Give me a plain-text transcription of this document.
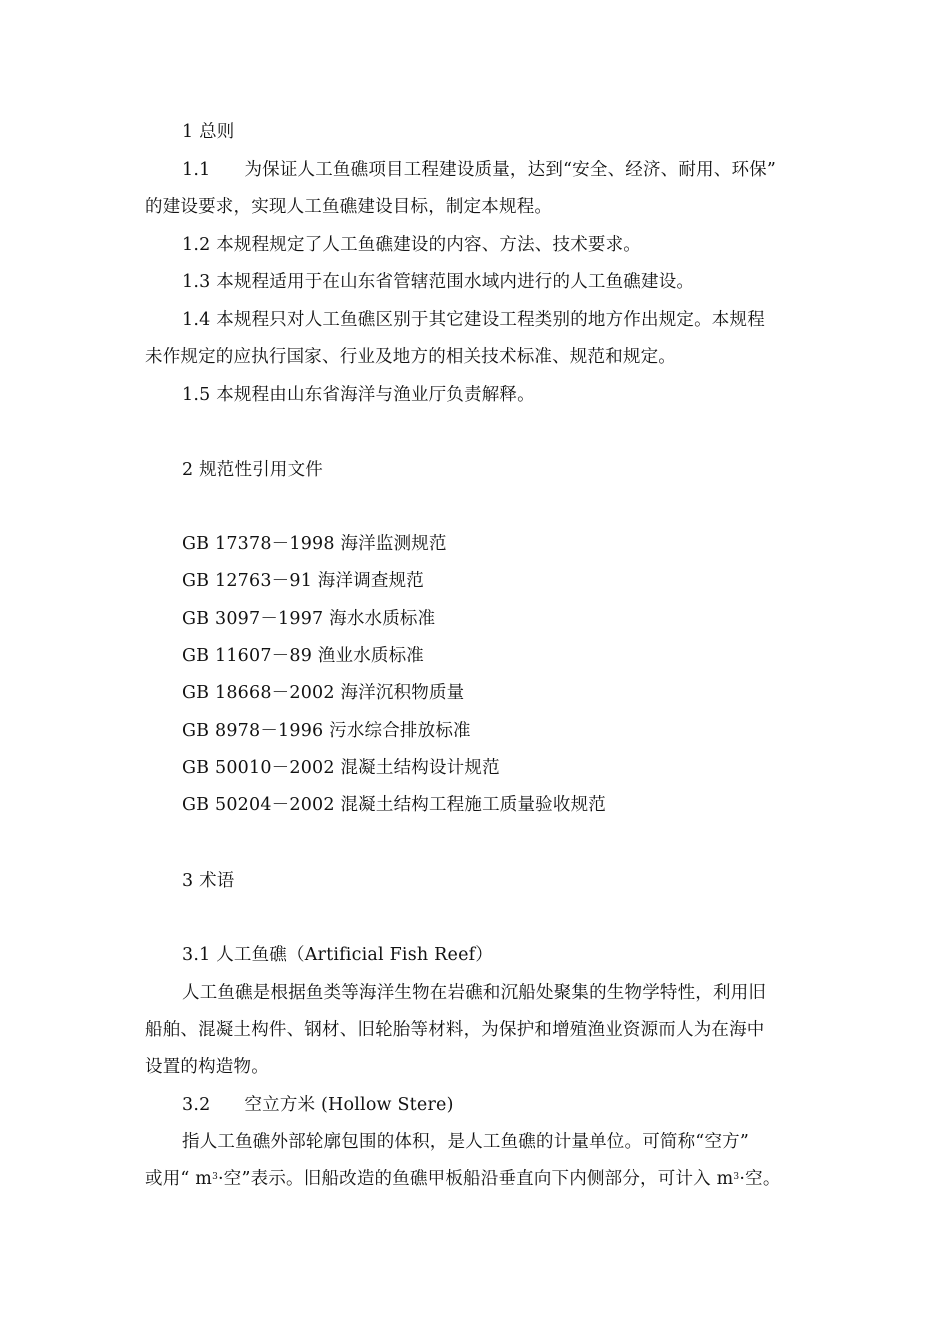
1 总则
1.1 为保证人工鱼礁项目工程建设质量，达到“安全、经济、耐用、环保”
的建设要求，实现人工鱼礁建设目标，制定本规程。
1.2 本规程规定了人工鱼礁建设的内容、方法、技术要求。
1.3 本规程适用于在山东省管辖范围水域内进行的人工鱼礁建设。
1.4 本规程只对人工鱼礁区别于其它建设工程类别的地方作出规定。本规程
未作规定的应执行国家、行业及地方的相关技术标准、规范和规定。
1.5 本规程由山东省海洋与渔业厅负责解释。
2 规范性引用文件
GB 17378－1998 海洋监测规范
GB 12763－91 海洋调查规范
GB 3097－1997 海水水质标准
GB 11607－89 渔业水质标准
GB 18668－2002 海洋沉积物质量
GB 8978－1996 污水综合排放标准
GB 50010－2002 混凝土结构设计规范
GB 50204－2002 混凝土结构工程施工质量验收规范
3 术语
3.1 人工鱼礁（Artificial Fish Reef）
人工鱼礁是根据鱼类等海洋生物在岩礁和沉船处聚集的生物学特性，利用旧
船舶、混凝土构件、钢材、旧轮胎等材料，为保护和增殖渔业资源而人为在海中
设置的构造物。
3.2 空立方米 (Hollow Stere)
指人工鱼礁外部轮廓包围的体积，是人工鱼礁的计量单位。可简称“空方”
或用“ $m^3\cdot$空”表示。旧船改造的鱼礁甲板船沿垂直向下内侧部分，可计入 $m^3\cdot$空。
